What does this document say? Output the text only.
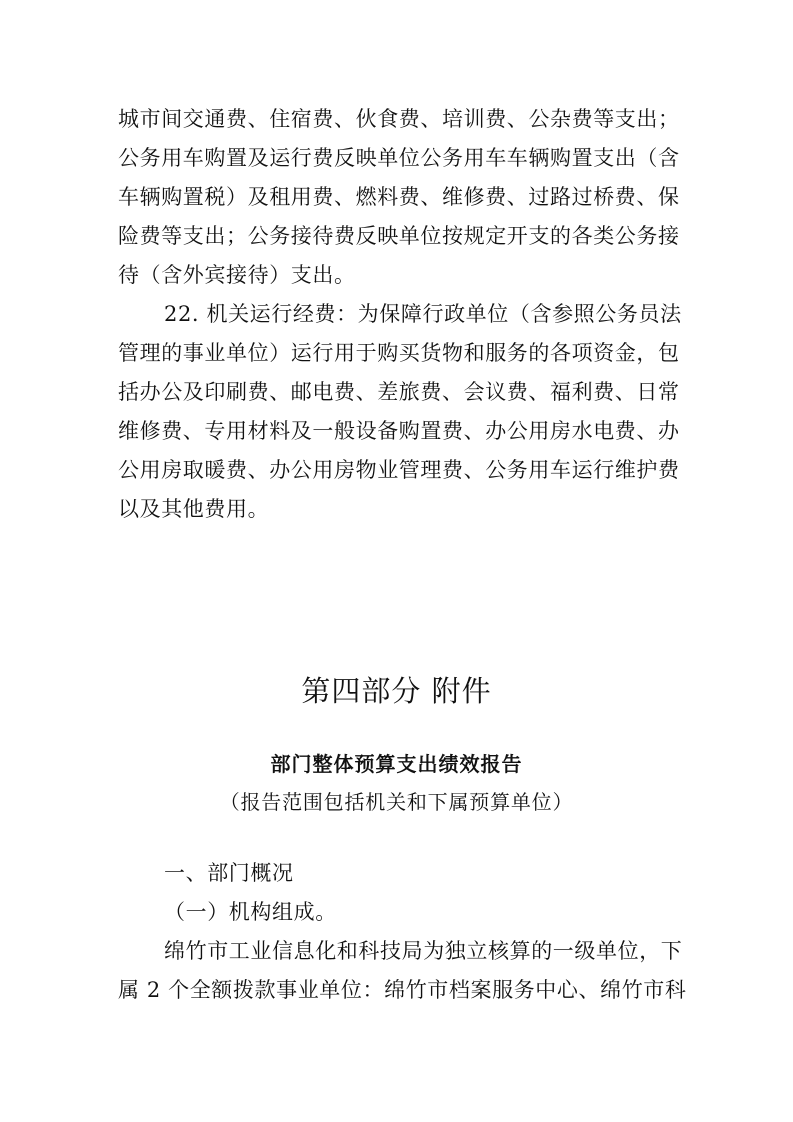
城市间交通费、住宿费、伙食费、培训费、公杂费等支出；
公务用车购置及运行费反映单位公务用车车辆购置支出（含
车辆购置税）及租用费、燃料费、维修费、过路过桥费、保
险费等支出；公务接待费反映单位按规定开支的各类公务接
待（含外宾接待）支出。
22. 机关运行经费：为保障行政单位（含参照公务员法
管理的事业单位）运行用于购买货物和服务的各项资金，包
括办公及印刷费、邮电费、差旅费、会议费、福利费、日常
维修费、专用材料及一般设备购置费、办公用房水电费、办
公用房取暖费、办公用房物业管理费、公务用车运行维护费
以及其他费用。
第四部分 附件
部门整体预算支出绩效报告
（报告范围包括机关和下属预算单位）
一、部门概况
（一）机构组成。
绵竹市工业信息化和科技局为独立核算的一级单位，下
属 2 个全额拨款事业单位：绵竹市档案服务中心、绵竹市科
